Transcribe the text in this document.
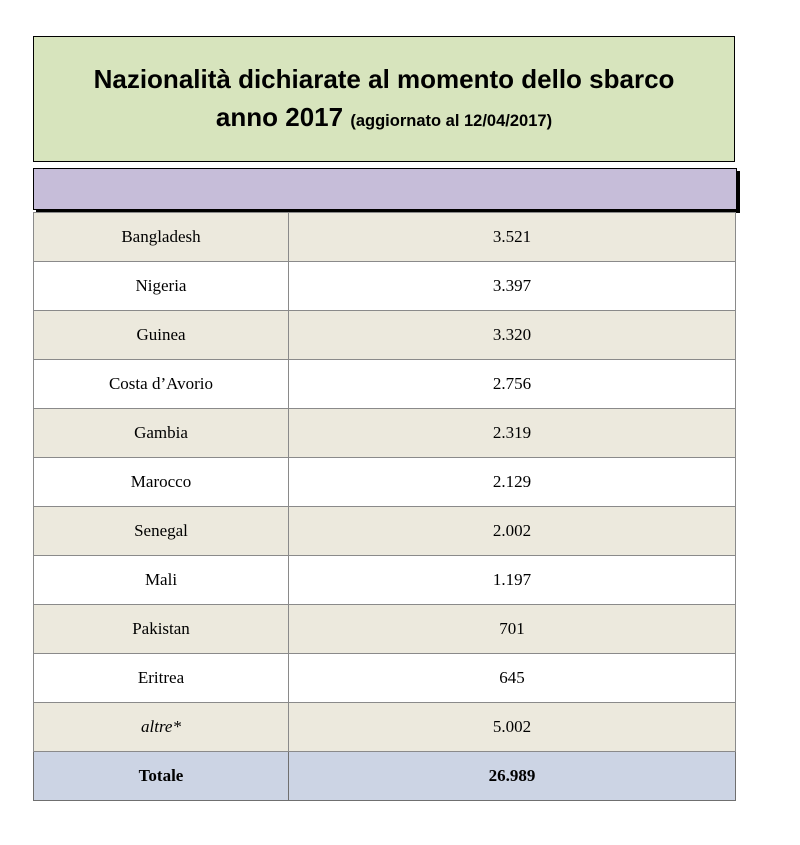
Nazionalità dichiarate al momento dello sbarco anno 2017 (aggiornato al 12/04/2017)
Bangladesh	3.521
Nigeria	3.397
Guinea	3.320
Costa d’Avorio	2.756
Gambia	2.319
Marocco	2.129
Senegal	2.002
Mali	1.197
Pakistan	701
Eritrea	645
altre*	5.002
Totale	26.989
